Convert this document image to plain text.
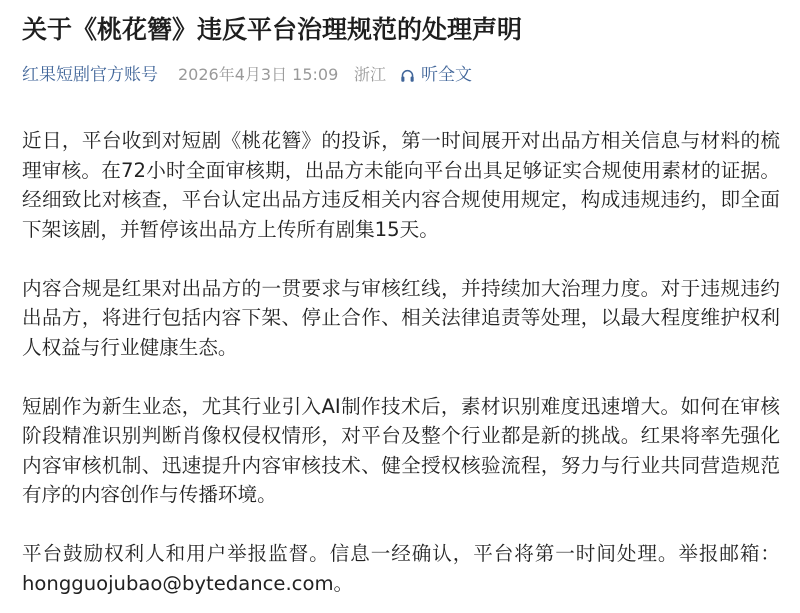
关于《桃花簪》违反平台治理规范的处理声明
红果短剧官方账号 2026年4月3日 15:09 浙江 听全文
近日，平台收到对短剧《桃花簪》的投诉，第一时间展开对出品方相关信息与材料的梳
理审核。在72小时全面审核期，出品方未能向平台出具足够证实合规使用素材的证据。
经细致比对核查，平台认定出品方违反相关内容合规使用规定，构成违规违约，即全面
下架该剧，并暂停该出品方上传所有剧集15天。
内容合规是红果对出品方的一贯要求与审核红线，并持续加大治理力度。对于违规违约
出品方，将进行包括内容下架、停止合作、相关法律追责等处理，以最大程度维护权利
人权益与行业健康生态。
短剧作为新生业态，尤其行业引入AI制作技术后，素材识别难度迅速增大。如何在审核
阶段精准识别判断肖像权侵权情形，对平台及整个行业都是新的挑战。红果将率先强化
内容审核机制、迅速提升内容审核技术、健全授权核验流程，努力与行业共同营造规范
有序的内容创作与传播环境。
平台鼓励权利人和用户举报监督。信息一经确认，平台将第一时间处理。举报邮箱：
hongguojubao@bytedance.com。
